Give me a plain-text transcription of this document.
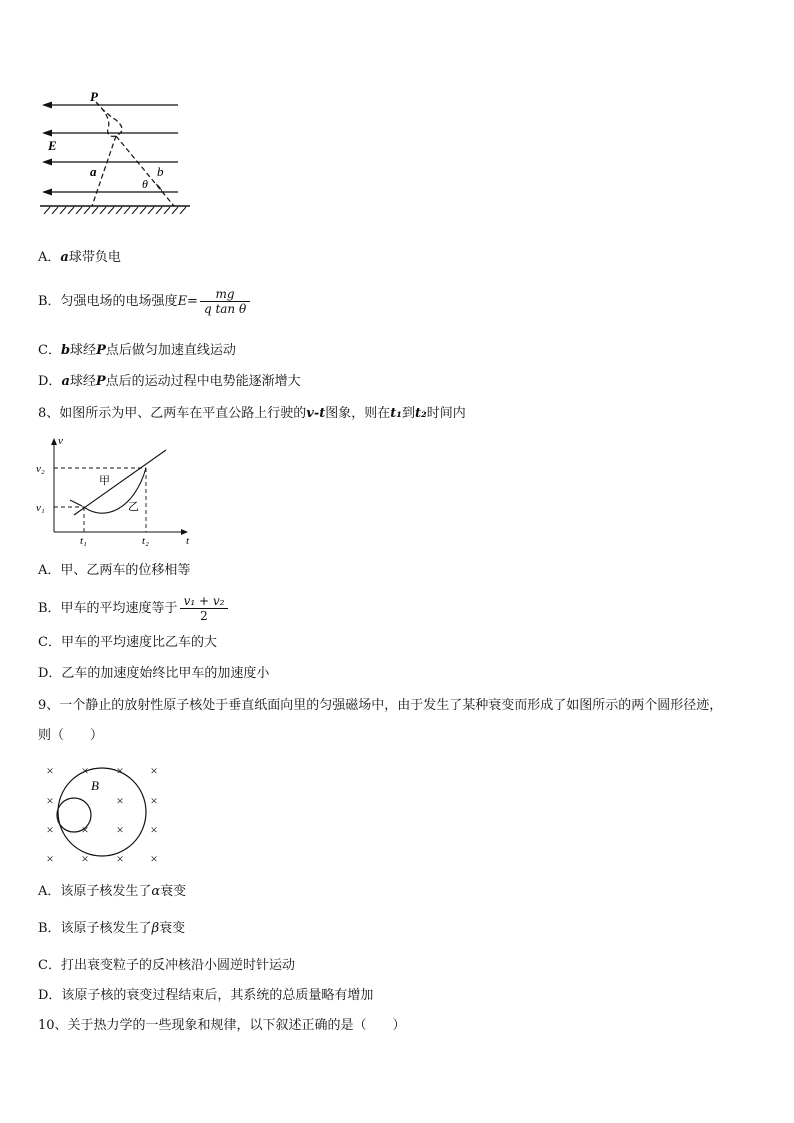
P
E
a	b
θ
A．a球带负电
B．匀强电场的电场强度$E= \frac{mg}{\text{q tan θ}}$
C．b球经P点后做匀加速直线运动
D．a球经P点后的运动过程中电势能逐渐增大
8、如图所示为甲、乙两车在平直公路上行驶的v-t图象，则在t₁到t₂时间内
v
t
v₂
v₁
t₁	t₂
甲
乙
A．甲、乙两车的位移相等
B．甲车的平均速度等于 $\frac{\text{v₁ + v₂}}{2}$
C．甲车的平均速度比乙车的大
D．乙车的加速度始终比甲车的加速度小
9、一个静止的放射性原子核处于垂直纸面向里的匀强磁场中，由于发生了某种衰变而形成了如图所示的两个圆形径迹，
则（　　）
× × × ×
×	× ×
× × × ×
× × × ×
B
A．该原子核发生了α衰变
B．该原子核发生了β衰变
C．打出衰变粒子的反冲核沿小圆逆时针运动
D．该原子核的衰变过程结束后，其系统的总质量略有增加
10、关于热力学的一些现象和规律，以下叙述正确的是（　　）
